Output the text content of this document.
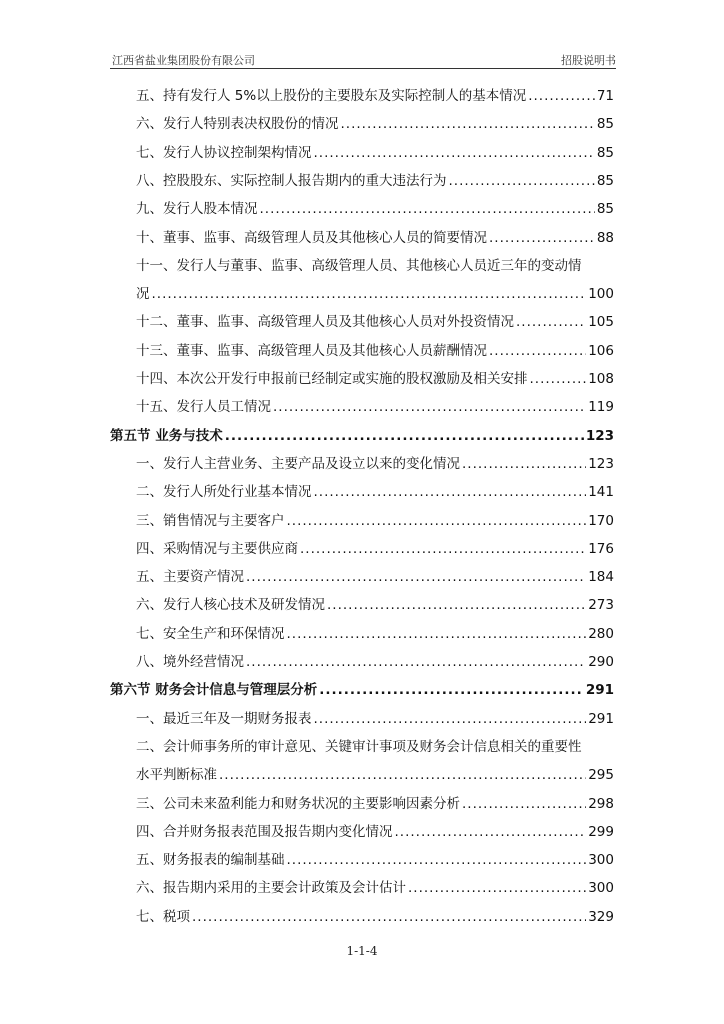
江西省盐业集团股份有限公司	招股说明书
五、持有发行人 5%以上股份的主要股东及实际控制人的基本情况 .....	71
六、发行人特别表决权股份的情况 .....	85
七、发行人协议控制架构情况 .....	85
八、控股股东、实际控制人报告期内的重大违法行为 .....	85
九、发行人股本情况 .....	85
十、董事、监事、高级管理人员及其他核心人员的简要情况 .....	88
十一、发行人与董事、监事、高级管理人员、其他核心人员近三年的变动情
况 .....	100
十二、董事、监事、高级管理人员及其他核心人员对外投资情况 .....	105
十三、董事、监事、高级管理人员及其他核心人员薪酬情况 .....	106
十四、本次公开发行申报前已经制定或实施的股权激励及相关安排 .....	108
十五、发行人员工情况 .....	119
第五节 业务与技术 .....	123
一、发行人主营业务、主要产品及设立以来的变化情况 .....	123
二、发行人所处行业基本情况 .....	141
三、销售情况与主要客户 .....	170
四、采购情况与主要供应商 .....	176
五、主要资产情况 .....	184
六、发行人核心技术及研发情况 .....	273
七、安全生产和环保情况 .....	280
八、境外经营情况 .....	290
第六节 财务会计信息与管理层分析 .....	291
一、最近三年及一期财务报表 .....	291
二、会计师事务所的审计意见、关键审计事项及财务会计信息相关的重要性
水平判断标准 .....	295
三、公司未来盈利能力和财务状况的主要影响因素分析 .....	298
四、合并财务报表范围及报告期内变化情况 .....	299
五、财务报表的编制基础 .....	300
六、报告期内采用的主要会计政策及会计估计 .....	300
七、税项 .....	329
1-1-4
